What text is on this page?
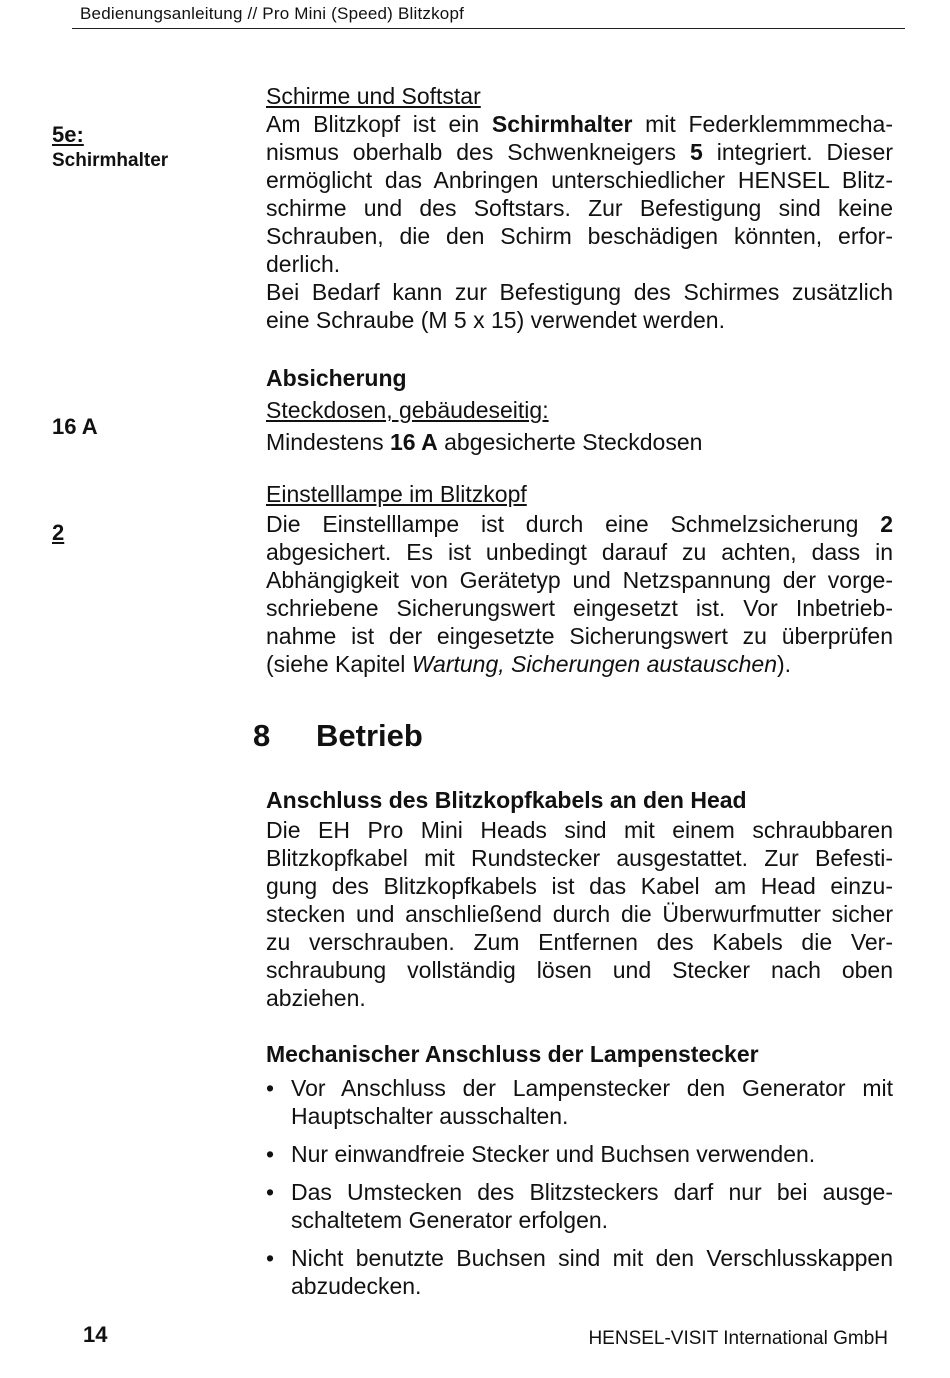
Bedienungsanleitung // Pro Mini (Speed) Blitzkopf
5e:
Schirmhalter
16 A
2
Schirme und Softstar
Am Blitzkopf ist ein Schirmhalter mit Federklemmmecha-nismus oberhalb des Schwenkneigers 5 integriert. Dieser ermöglicht das Anbringen unterschiedlicher HENSEL Blitz-schirme und des Softstars. Zur Befestigung sind keine Schrauben, die den Schirm beschädigen könnten, erfor-derlich.
Bei Bedarf kann zur Befestigung des Schirmes zusätzlich eine Schraube (M 5 x 15) verwendet werden.
Absicherung
Steckdosen, gebäudeseitig:
Mindestens 16 A abgesicherte Steckdosen
Einstelllampe im Blitzkopf
Die Einstelllampe ist durch eine Schmelzsicherung 2 abgesichert. Es ist unbedingt darauf zu achten, dass in Abhängigkeit von Gerätetyp und Netzspannung der vorge-schriebene Sicherungswert eingesetzt ist. Vor Inbetrieb-nahme ist der eingesetzte Sicherungswert zu überprüfen (siehe Kapitel Wartung, Sicherungen austauschen).
8 Betrieb
Anschluss des Blitzkopfkabels an den Head
Die EH Pro Mini Heads sind mit einem schraubbaren Blitzkopfkabel mit Rundstecker ausgestattet. Zur Befesti-gung des Blitzkopfkabels ist das Kabel am Head einzu-stecken und anschließend durch die Überwurfmutter sicher zu verschrauben. Zum Entfernen des Kabels die Ver-schraubung vollständig lösen und Stecker nach oben abziehen.
Mechanischer Anschluss der Lampenstecker
• Vor Anschluss der Lampenstecker den Generator mit Hauptschalter ausschalten.
• Nur einwandfreie Stecker und Buchsen verwenden.
• Das Umstecken des Blitzsteckers darf nur bei ausge-schaltetem Generator erfolgen.
• Nicht benutzte Buchsen sind mit den Verschlusskappen abzudecken.
14	HENSEL-VISIT International GmbH
